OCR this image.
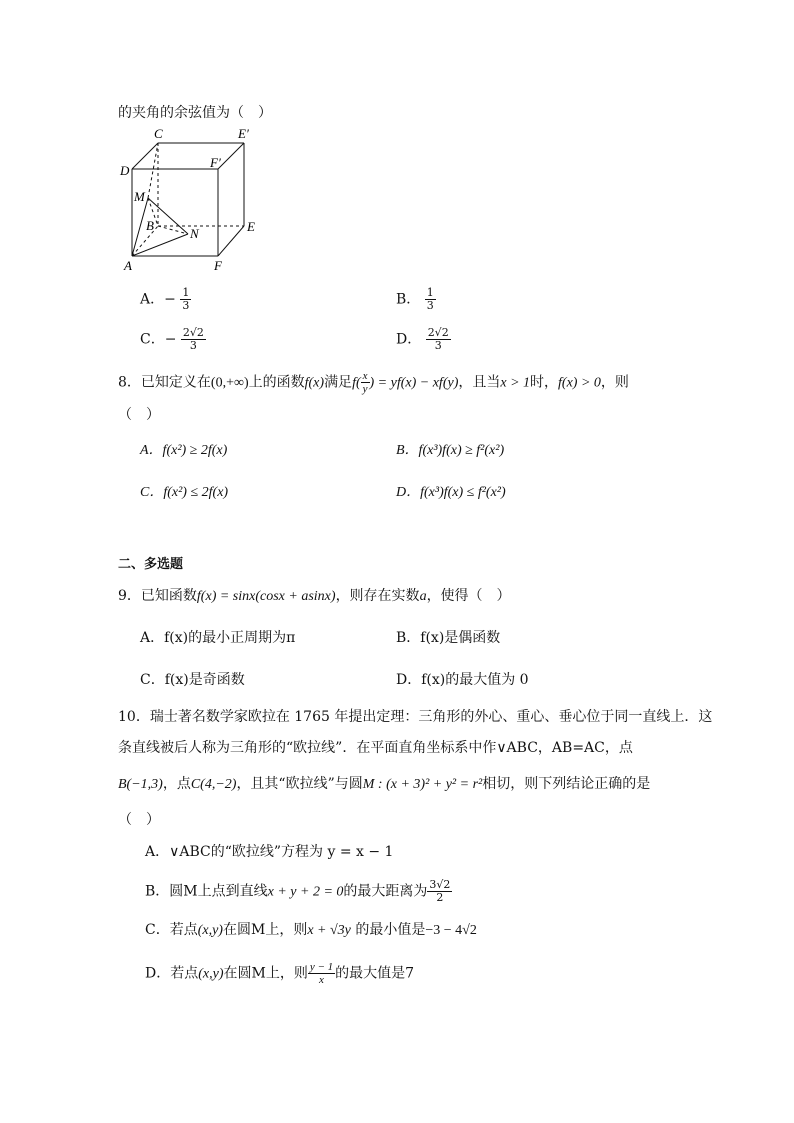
的夹角的余弦值为（　）
C	E′
D
F′
M
B
N	E
A	F
A．− $\frac{1}{3}$	B． $\frac{1}{3}$
C．− $\frac{2√2}{3}$	D． $\frac{2√2}{3}$
8．已知定义在(0,+∞)上的函数f(x)满足$f( \frac{x}{y}$ ) = yf(x) − xf(y)，且当x > 1时，f(x) > 0，则
（　）
A．f(x²) ≥ 2f(x)	B．f(x³)f(x) ≥ f²(x²)
C．f(x²) ≤ 2f(x)	D．f(x³)f(x) ≤ f²(x²)
二、多选题
9．已知函数f(x) = sinx(cosx + asinx)，则存在实数a，使得（　）
A．f(x)的最小正周期为π	B．f(x)是偶函数
C．f(x)是奇函数	D．f(x)的最大值为 0
10．瑞士著名数学家欧拉在 1765 年提出定理：三角形的外心、重心、垂心位于同一直线上．这
条直线被后人称为三角形的“欧拉线”．在平面直角坐标系中作∨ABC，AB=AC，点
B(−1,3)，点C(4,−2)，且其“欧拉线”与圆M : (x + 3)² + y² = r²相切，则下列结论正确的是
（　）
A．∨ABC的“欧拉线”方程为 y = x − 1
B．圆M上点到直线x + y + 2 = 0的最大距离为 $\frac{3√2}{2}$
C．若点(x,y)在圆M上，则x + √3y 的最小值是−3 − 4√2
D．若点(x,y)在圆M上，则 $\frac{y - 1}{x}$ 的最大值是7
